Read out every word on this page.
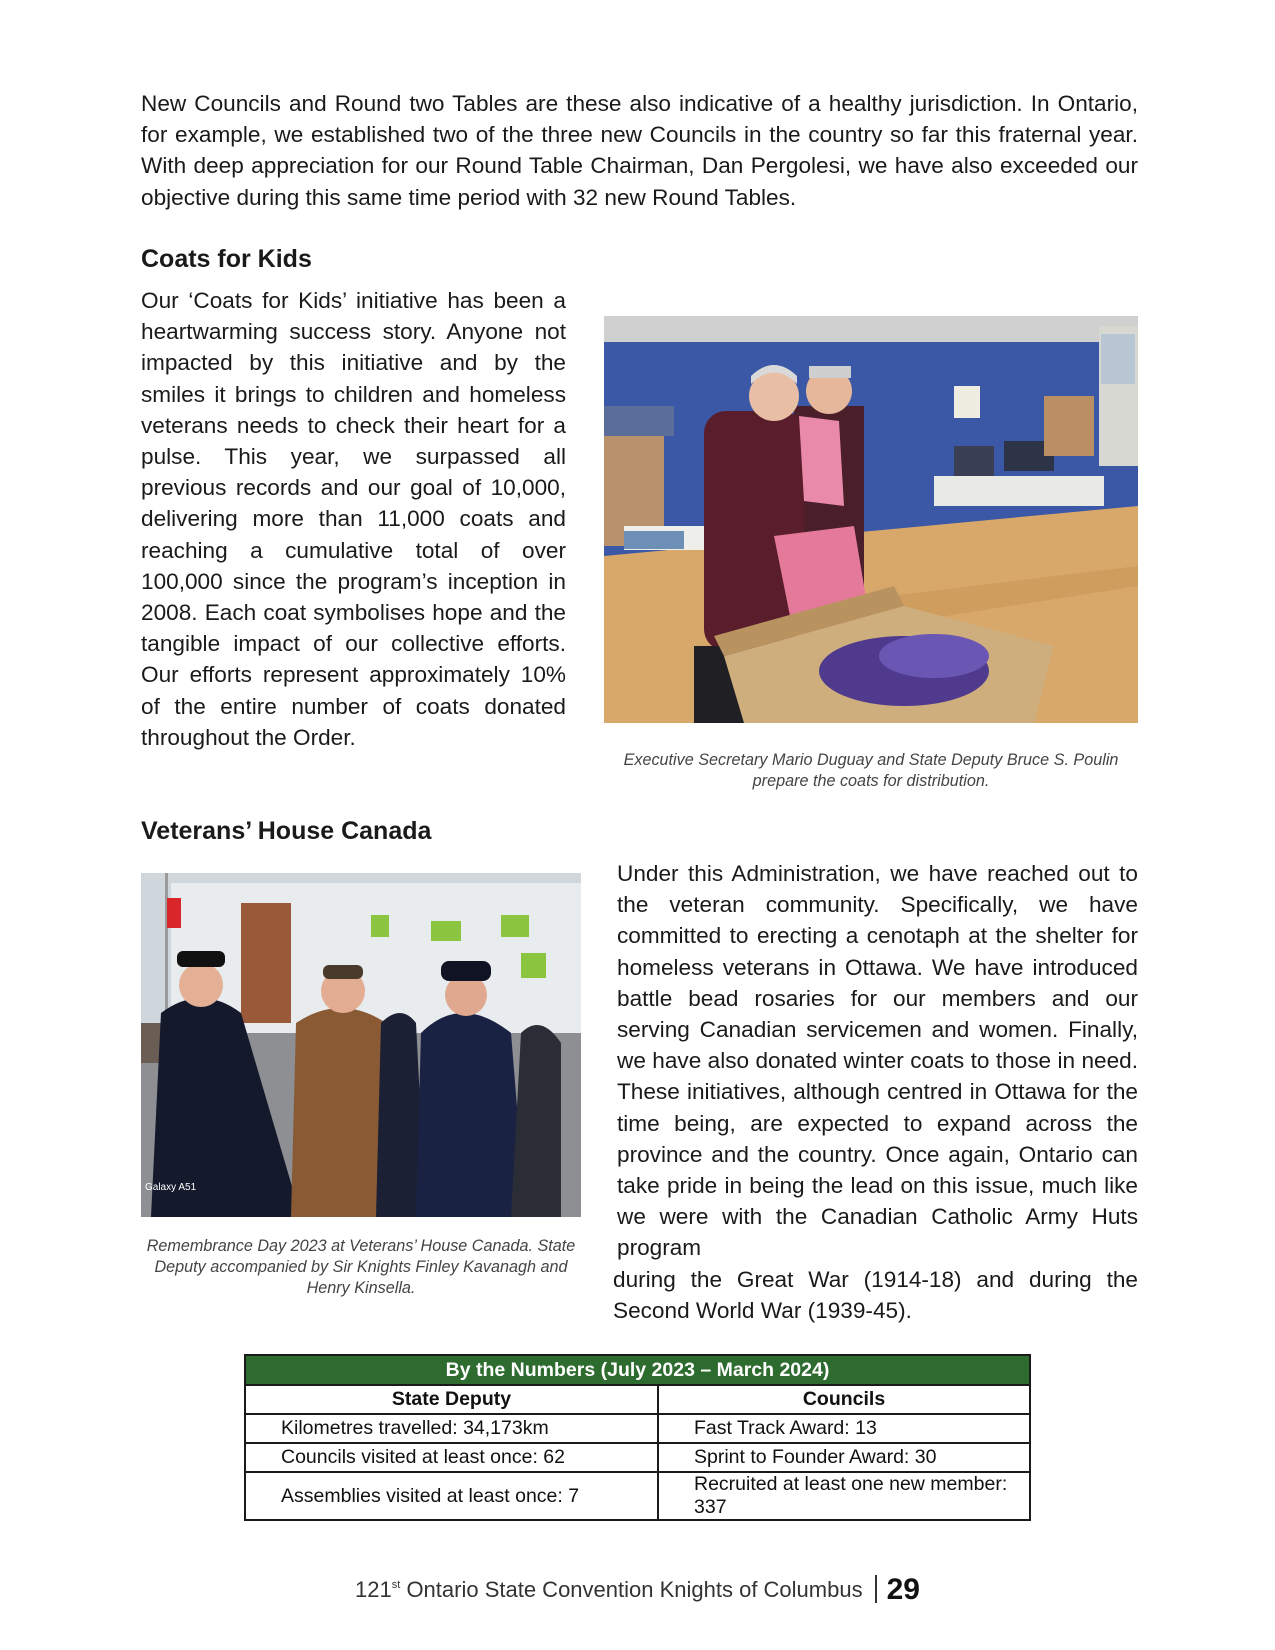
New Councils and Round two Tables are these also indicative of a healthy jurisdiction. In Ontario, for example, we established two of the three new Councils in the country so far this fraternal year. With deep appreciation for our Round Table Chairman, Dan Pergolesi, we have also exceeded our objective during this same time period with 32 new Round Tables.

Coats for Kids

Our ‘Coats for Kids’ initiative has been a heartwarming success story. Anyone not impacted by this initiative and by the smiles it brings to children and homeless veterans needs to check their heart for a pulse. This year, we surpassed all previous records and our goal of 10,000, delivering more than 11,000 coats and reaching a cumulative total of over 100,000 since the program’s inception in 2008. Each coat symbolises hope and the tangible impact of our collective efforts. Our efforts represent approximately 10% of the entire number of coats donated throughout the Order.

Executive Secretary Mario Duguay and State Deputy Bruce S. Poulin prepare the coats for distribution.

Veterans’ House Canada
Galaxy A51

Remembrance Day 2023 at Veterans’ House Canada. State Deputy accompanied by Sir Knights Finley Kavanagh and Henry Kinsella.

Under this Administration, we have reached out to the veteran community. Specifically, we have committed to erecting a cenotaph at the shelter for homeless veterans in Ottawa. We have introduced battle bead rosaries for our members and our serving Canadian servicemen and women. Finally, we have also donated winter coats to those in need. These initiatives, although centred in Ottawa for the time being, are expected to expand across the province and the country. Once again, Ontario can take pride in being the lead on this issue, much like we were with the Canadian Catholic Army Huts program
during the Great War (1914-18) and during the Second World War (1939-45).
By the Numbers (July 2023 – March 2024)	
State Deputy	Councils
Kilometres travelled: 34,173km	Fast Track Award: 13
Councils visited at least once: 62	Sprint to Founder Award: 30
Assemblies visited at least once: 7	Recruited at least one new member: 337
121st Ontario State Convention Knights of Columbus 29
